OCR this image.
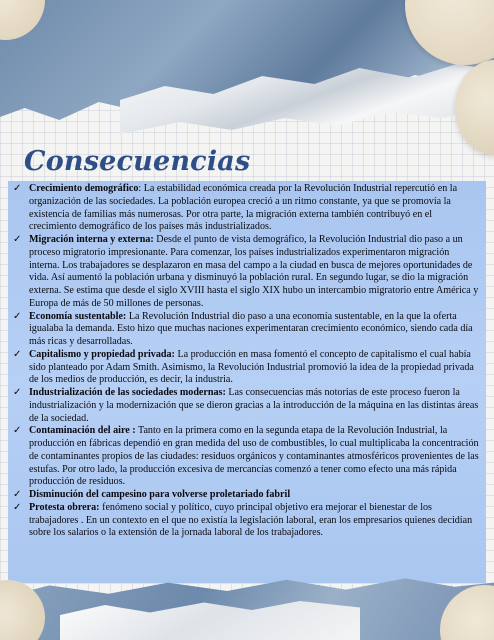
Consecuencias
✓ Crecimiento demográfico: La estabilidad económica creada por la Revolución Industrial repercutió en la organización de las sociedades. La población europea creció a un ritmo constante, ya que se promovía la existencia de familias más numerosas. Por otra parte, la migración externa también contribuyó en el crecimiento demográfico de los países más industrializados.
✓ Migración interna y externa: Desde el punto de vista demográfico, la Revolución Industrial dio paso a un proceso migratorio impresionante. Para comenzar, los países industrializados experimentaron migración interna. Los trabajadores se desplazaron en masa del campo a la ciudad en busca de mejores oportunidades de vida. Así aumentó la población urbana y disminuyó la población rural. En segundo lugar, se dio la migración externa. Se estima que desde el siglo XVIII hasta el siglo XIX hubo un intercambio migratorio entre América y Europa de más de 50 millones de personas.
✓ Economía sustentable: La Revolución Industrial dio paso a una economía sustentable, en la que la oferta igualaba la demanda. Esto hizo que muchas naciones experimentaran crecimiento económico, siendo cada día más ricas y desarrolladas.
✓ Capitalismo y propiedad privada: La producción en masa fomentó el concepto de capitalismo el cual había sido planteado por Adam Smith. Asimismo, la Revolución Industrial promovió la idea de la propiedad privada de los medios de producción, es decir, la industria.
✓ Industrialización de las sociedades modernas: Las consecuencias más notorias de este proceso fueron la industrialización y la modernización que se dieron gracias a la introducción de la máquina en las distintas áreas de la sociedad.
✓ Contaminación del aire : Tanto en la primera como en la segunda etapa de la Revolución Industrial, la producción en fábricas dependió en gran medida del uso de combustibles, lo cual multiplicaba la concentración de contaminantes propios de las ciudades: residuos orgánicos y contaminantes atmosféricos provenientes de las estufas. Por otro lado, la producción excesiva de mercancías comenzó a tener como efecto una más rápida producción de residuos.
✓ Disminución del campesino para volverse proletariado fabril
✓ Protesta obrera: fenómeno social y político, cuyo principal objetivo era mejorar el bienestar de los trabajadores . En un contexto en el que no existía la legislación laboral, eran los empresarios quienes decidían sobre los salarios o la extensión de la jornada laboral de los trabajadores.
